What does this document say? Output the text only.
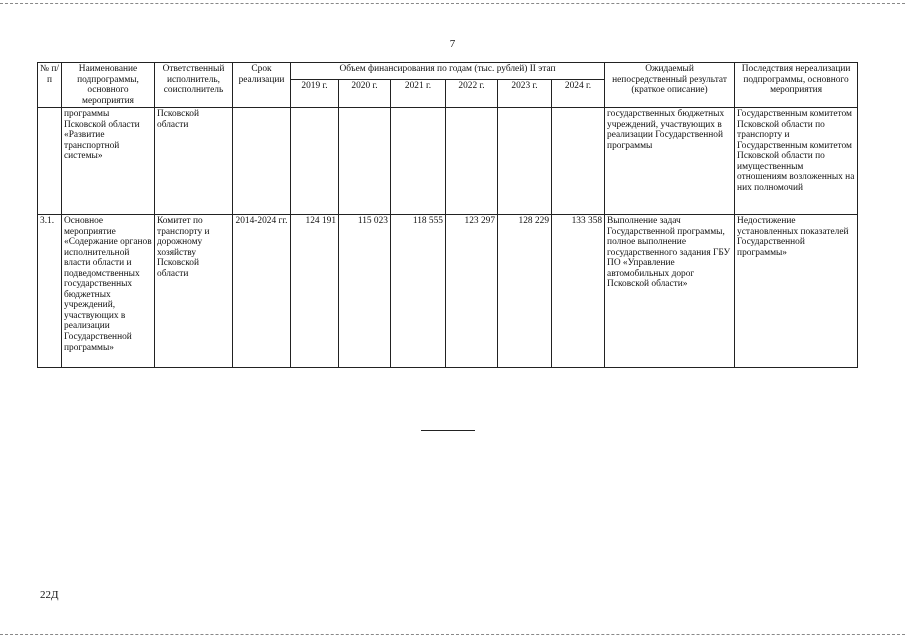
7
№ п/п	Наименование подпрограммы, основного мероприятия	Ответственный исполнитель, соисполнитель	Срок реализации	Объем финансирования по годам (тыс. рублей) II этап						Ожидаемый непосредственный результат (краткое описание)	Последствия нереализации подпрограммы, основного мероприятия
				2019 г.	2020 г.	2021 г.	2022 г.	2023 г.	2024 г.		
	программы Псковской области «Развитие транспортной системы»	Псковской области								государственных бюджетных учреждений, участвующих в реализации Государственной программы	Государственным комитетом Псковской области по транспорту и Государственным комитетом Псковской области по имущественным отношениям возложенных на них полномочий
3.1.	Основное мероприятие «Содержание органов исполнительной власти области и подведомственных государственных бюджетных учреждений, участвующих в реализации Государственной программы»	Комитет по транспорту и дорожному хозяйству Псковской области	2014-2024 гг.	124 191	115 023	118 555	123 297	128 229	133 358	Выполнение задач Государственной программы, полное выполнение государственного задания ГБУ ПО «Управление автомобильных дорог Псковской области»	Недостижение установленных показателей Государственной программы»
22Д
